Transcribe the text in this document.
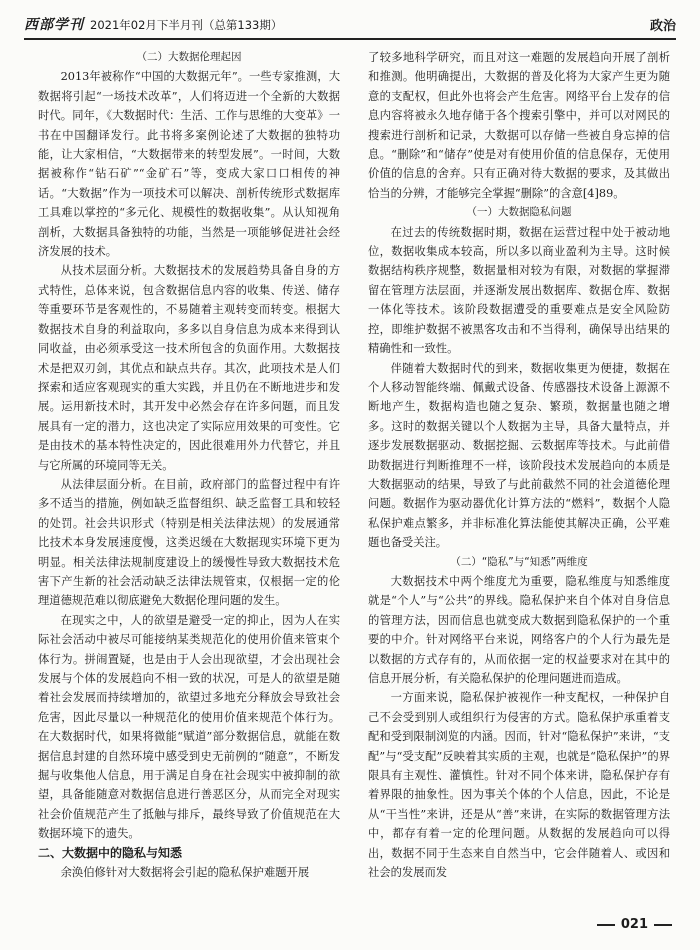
西部学刊 2021年02月下半月刊（总第133期）	政治

（二）大数据伦理起因

2013年被称作“中国的大数据元年”。一些专家推测，大数据将引起“一场技术改革”，人们将迈进一个全新的大数据时代。同年，《大数据时代：生活、工作与思维的大变革》一书在中国翻译发行。此书将多案例论述了大数据的独特功能，让大家相信，“大数据带来的转型发展”。一时间，大数据被称作“钻石矿”“金矿石”等，变成大家口口相传的神话。“大数据”作为一项技术可以解决、剖析传统形式数据库工具难以掌控的“多元化、规模性的数据收集”。从认知视角剖析，大数据具备独特的功能，当然是一项能够促进社会经济发展的技术。

从技术层面分析。大数据技术的发展趋势具备自身的方式特性，总体来说，包含数据信息内容的收集、传送、储存等重要环节是客观性的，不易随着主观转变而转变。根据大数据技术自身的利益取向，多多以自身信息为成本来得到认同收益，由必须承受这一技术所包含的负面作用。大数据技术是把双刃剑，其优点和缺点共存。其次，此项技术是人们探索和适应客观现实的重大实践，并且仍在不断地进步和发展。运用新技术时，其开发中必然会存在许多问题，而且发展具有一定的潜力，这也决定了实际应用效果的可变性。它是由技术的基本特性决定的，因此很难用外力代替它，并且与它所属的环境同等无关。

从法律层面分析。在目前，政府部门的监督过程中有许多不适当的措施，例如缺乏监督组织、缺乏监督工具和较轻的处罚。社会共识形式（特别是相关法律法规）的发展通常比技术本身发展速度慢，这类迟缓在大数据现实环境下更为明显。相关法律法规制度建设上的缓慢性导致大数据技术危害下产生新的社会活动缺乏法律法规管束，仅根据一定的伦理道德规范难以彻底避免大数据伦理问题的发生。

在现实之中，人的欲望是避受一定的抑止，因为人在实际社会活动中被尽可能接纳某类规范化的使用价值来管束个体行为。拼闹置疑，也是由于人会出现欲望，才会出现社会发展与个体的发展趋向不相一致的状况，可是人的欲望是随着社会发展而持续增加的，欲望过多地充分释放会导致社会危害，因此尽量以一种规范化的使用价值来规范个体行为。在大数据时代，如果将微能“赋道”部分数据信息，就能在数据信息封建的自然环境中感受到史无前例的“随意”，不断发掘与收集他人信息，用于满足自身在社会现实中被抑制的欲望，具备能随意对数据信息进行善恶区分，从而完全对现实社会价值规范产生了抵触与排斥，最终导致了价值规范在大数据环境下的遗失。

二、大数据中的隐私与知悉

余涣伯修针对大数据将会引起的隐私保护难题开展

了较多地科学研究，而且对这一难题的发展趋向开展了剖析和推测。他明确提出，大数据的普及化将为大家产生更为随意的支配权，但此外也将会产生危害。网络平台上发存的信息内容将被永久地存储于各个搜索引擎中，并可以对网民的搜索进行剖析和记录，大数据可以存储一些被自身忘掉的信息。“删除”和“储存”使是对有使用价值的信息保存，无使用价值的信息的舍弃。只有正确对待大数据的要求，及其做出恰当的分辨，才能够完全掌握“删除”的含意[4]89。

（一）大数据隐私问题

在过去的传统数据时期，数据在运营过程中处于被动地位，数据收集成本较高，所以多以商业盈利为主导。这时候数据结构秩序规整，数据量相对较为有限，对数据的掌握滞留在管理方法层面，并逐渐发展出数据库、数据仓库、数据一体化等技术。该阶段数据遭受的重要难点是安全风险防控，即维护数据不被黑客攻击和不当得利，确保导出结果的精确性和一致性。

伴随着大数据时代的到来，数据收集更为便捷，数据在个人移动智能终端、佩戴式设备、传感器技术设备上源源不断地产生，数据构造也随之复杂、繁琐，数据量也随之增多。这时的数据关键以个人数据为主导，具备大量特点，并逐步发展数据驱动、数据挖掘、云数据库等技术。与此前借助数据进行判断推理不一样，该阶段技术发展趋向的本质是大数据驱动的结果，导致了与此前截然不同的社会道德伦理问题。数据作为驱动器优化计算方法的“燃料”，数据个人隐私保护难点繁多，并非标准化算法能使其解决正确，公平难题也备受关注。

（二）“隐私”与“知悉”两维度

大数据技术中两个维度尤为重要，隐私维度与知悉维度就是“个人”与“公共”的界线。隐私保护来自个体对自身信息的管理方法，因而信息也就变成大数据到隐私保护的一个重要的中介。针对网络平台来说，网络客户的个人行为最先是以数据的方式存有的，从而依据一定的权益要求对在其中的信息开展分析，有关隐私保护的伦理问题进而造成。

一方面来说，隐私保护被视作一种支配权，一种保护自己不会受到别人或组织行为侵害的方式。隐私保护承重着支配和受到限制浏览的内涵。因而，针对“隐私保护”来讲，“支配”与“受支配”反映着其实质的主观，也就是“隐私保护”的界限具有主观性、灌慎性。针对不同个体来讲，隐私保护存有着界限的抽象性。因为事关个体的个人信息，因此，不论是从“干当性”来讲，还是从“善”来讲，在实际的数据管理方法中，都存有着一定的伦理问题。从数据的发展趋向可以得出，数据不同于生态来自自然当中，它会伴随着人、或因和社会的发展而发

021
